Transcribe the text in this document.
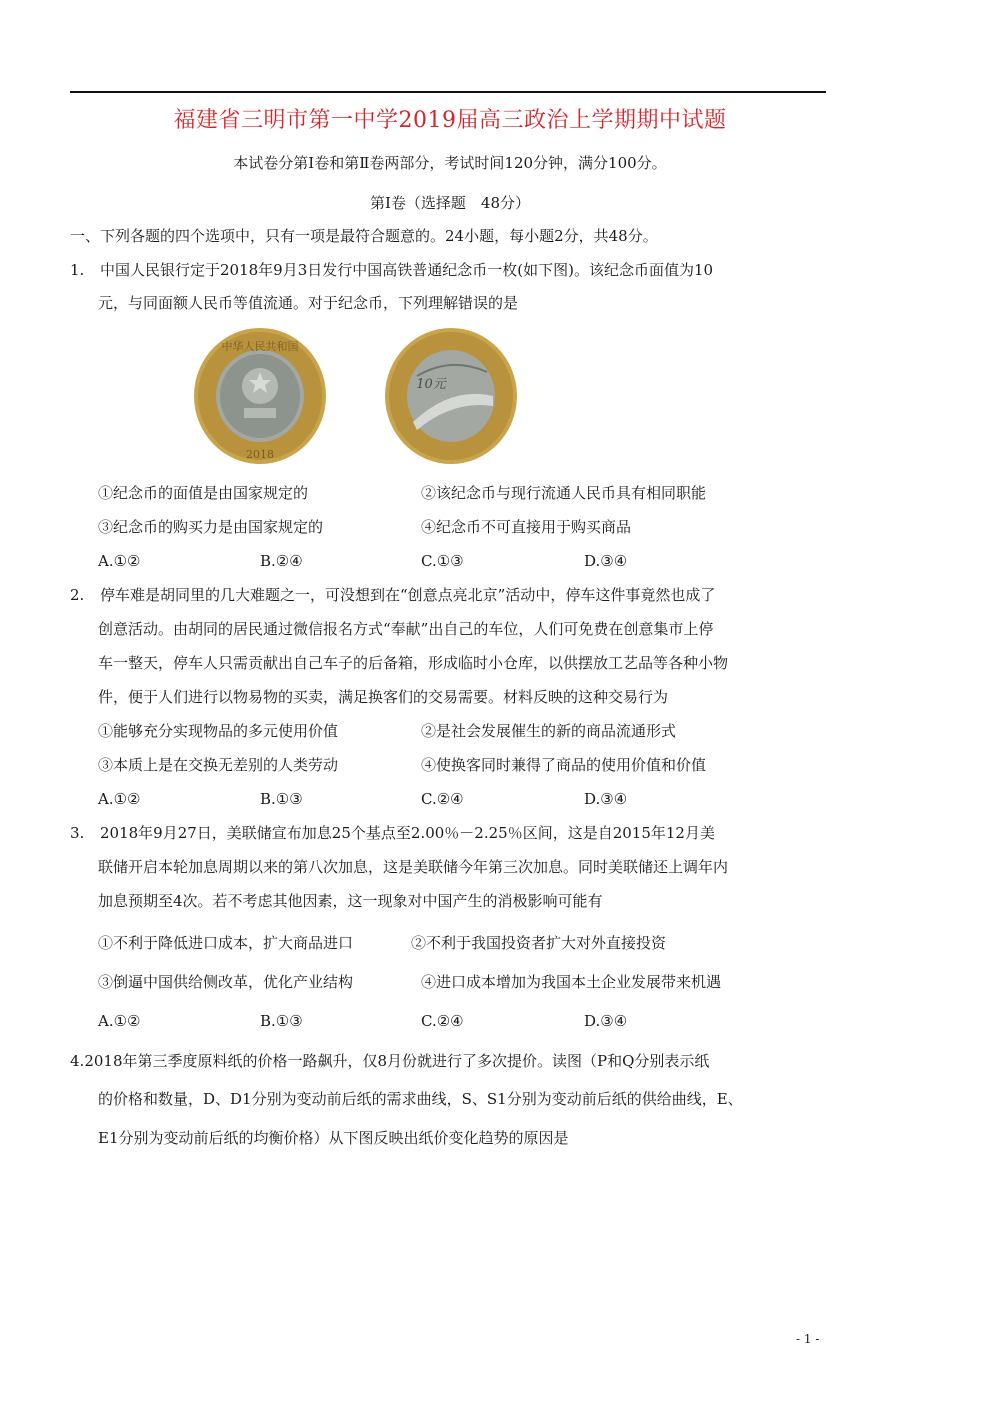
福建省三明市第一中学2019届高三政治上学期期中试题
本试卷分第Ⅰ卷和第Ⅱ卷两部分，考试时间120分钟，满分100分。
第Ⅰ卷（选择题　48分）
一、下列各题的四个选项中，只有一项是最符合题意的。24小题，每小题2分，共48分。
1. 中国人民银行定于2018年9月3日发行中国高铁普通纪念币一枚(如下图)。该纪念币面值为10
元，与同面额人民币等值流通。对于纪念币，下列理解错误的是
中华人民共和国
2018
10元
①纪念币的面值是由国家规定的	②该纪念币与现行流通人民币具有相同职能
③纪念币的购买力是由国家规定的	④纪念币不可直接用于购买商品
A.①②	B.②④	C.①③	D.③④
2. 停车难是胡同里的几大难题之一，可没想到在“创意点亮北京”活动中，停车这件事竟然也成了
创意活动。由胡同的居民通过微信报名方式“奉献”出自己的车位，人们可免费在创意集市上停
车一整天，停车人只需贡献出自己车子的后备箱，形成临时小仓库，以供摆放工艺品等各种小物
件，便于人们进行以物易物的买卖，满足换客们的交易需要。材料反映的这种交易行为
①能够充分实现物品的多元使用价值	②是社会发展催生的新的商品流通形式
③本质上是在交换无差别的人类劳动	④使换客同时兼得了商品的使用价值和价值
A.①②	B.①③	C.②④	D.③④
3. 2018年9月27日，美联储宣布加息25个基点至2.00％－2.25％区间，这是自2015年12月美
联储开启本轮加息周期以来的第八次加息，这是美联储今年第三次加息。同时美联储还上调年内
加息预期至4次。若不考虑其他因素，这一现象对中国产生的消极影响可能有
①不利于降低进口成本，扩大商品进口	②不利于我国投资者扩大对外直接投资
③倒逼中国供给侧改革，优化产业结构	④进口成本增加为我国本土企业发展带来机遇
A.①②	B.①③	C.②④	D.③④
4.2018年第三季度原料纸的价格一路飙升，仅8月份就进行了多次提价。读图（P和Q分别表示纸
的价格和数量，D、D1分别为变动前后纸的需求曲线，S、S1分别为变动前后纸的供给曲线，E、
E1分别为变动前后纸的均衡价格）从下图反映出纸价变化趋势的原因是
- 1 -
